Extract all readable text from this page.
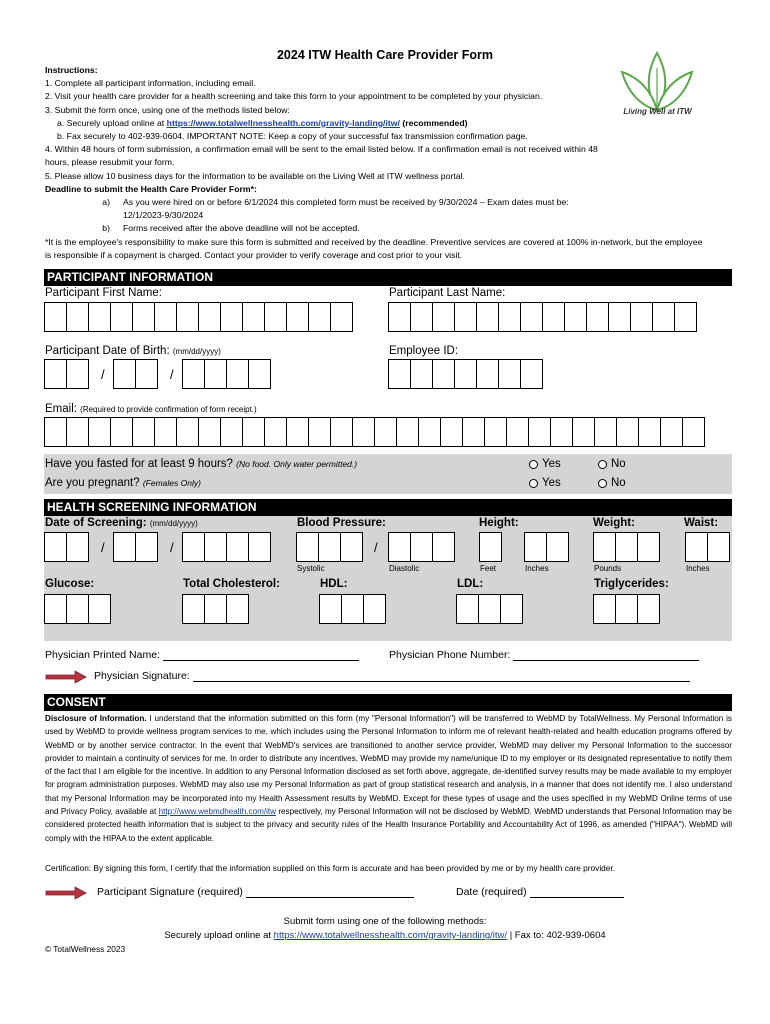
2024 ITW Health Care Provider Form
Living Well at ITW
Instructions:
1. Complete all participant information, including email.
2. Visit your health care provider for a health screening and take this form to your appointment to be completed by your physician.
3. Submit the form once, using one of the methods listed below:
a. Securely upload online at https://www.totalwellnesshealth.com/gravity-landing/itw/ (recommended)
b. Fax securely to 402-939-0604. IMPORTANT NOTE: Keep a copy of your successful fax transmission confirmation page.
4. Within 48 hours of form submission, a confirmation email will be sent to the email listed below. If a confirmation email is not received within 48 hours, please resubmit your form.
5. Please allow 10 business days for the information to be available on the Living Well at ITW wellness portal.
Deadline to submit the Health Care Provider Form*:
a)	As you were hired on or before 6/1/2024 this completed form must be received by 9/30/2024 – Exam dates must be: 12/1/2023-9/30/2024
b)	Forms received after the above deadline will not be accepted.
*It is the employee's responsibility to make sure this form is submitted and received by the deadline. Preventive services are covered at 100% in-network, but the employee is responsible if a copayment is charged. Contact your provider to verify coverage and cost prior to your visit.
PARTICIPANT INFORMATION
Participant First Name:	Participant Last Name:
Participant Date of Birth: (mm/dd/yyyy)	Employee ID:
/	/
Email: (Required to provide confirmation of form receipt.)
Have you fasted for at least 9 hours? (No food. Only water permitted.)
Are you pregnant? (Females Only)
Yes	No
Yes	No
HEALTH SCREENING INFORMATION
Date of Screening: (mm/dd/yyyy)	Blood Pressure:	Height:	Weight:	Waist:
/	/	/
Systolic	Diastolic	Feet	Inches	Pounds	Inches
Glucose:	Total Cholesterol:	HDL:	LDL:	Triglycerides:
Physician Printed Name:	Physician Phone Number:
Physician Signature:
CONSENT
Disclosure of Information. I understand that the information submitted on this form (my "Personal Information") will be transferred to WebMD by TotalWellness. My Personal Information is used by WebMD to provide wellness program services to me, which includes using the Personal Information to inform me of relevant health-related and health education programs offered by WebMD or by another service contractor. In the event that WebMD's services are transitioned to another service provider, WebMD may deliver my Personal Information to the successor provider to maintain a continuity of services for me. In order to distribute any incentives, WebMD may provide my name/unique ID to my employer or its designated representative to notify them of the fact that I am eligible for the incentive. In addition to any Personal Information disclosed as set forth above, aggregate, de-identified survey results may be made available to my employer for program administration purposes. WebMD may also use my Personal Information as part of group statistical research and analysis, in a manner that does not identify me. I also understand that my Personal Information may be incorporated into my Health Assessment results by WebMD. Except for these types of usage and the uses specified in my WebMD Online terms of use and Privacy Policy, available at http://www.webmdhealth.com/itw respectively, my Personal Information will not be disclosed by WebMD. WebMD understands that Personal Information may be considered protected health information that is subject to the privacy and security rules of the Health Insurance Portability and Accountability Act of 1996, as amended ("HIPAA"). WebMD will comply with the HIPAA to the extent applicable.
Certification: By signing this form, I certify that the information supplied on this form is accurate and has been provided by me or by my health care provider.
Participant Signature (required)	Date (required)
Submit form using one of the following methods:
Securely upload online at https://www.totalwellnesshealth.com/gravity-landing/itw/ | Fax to: 402-939-0604
© TotalWellness 2023
